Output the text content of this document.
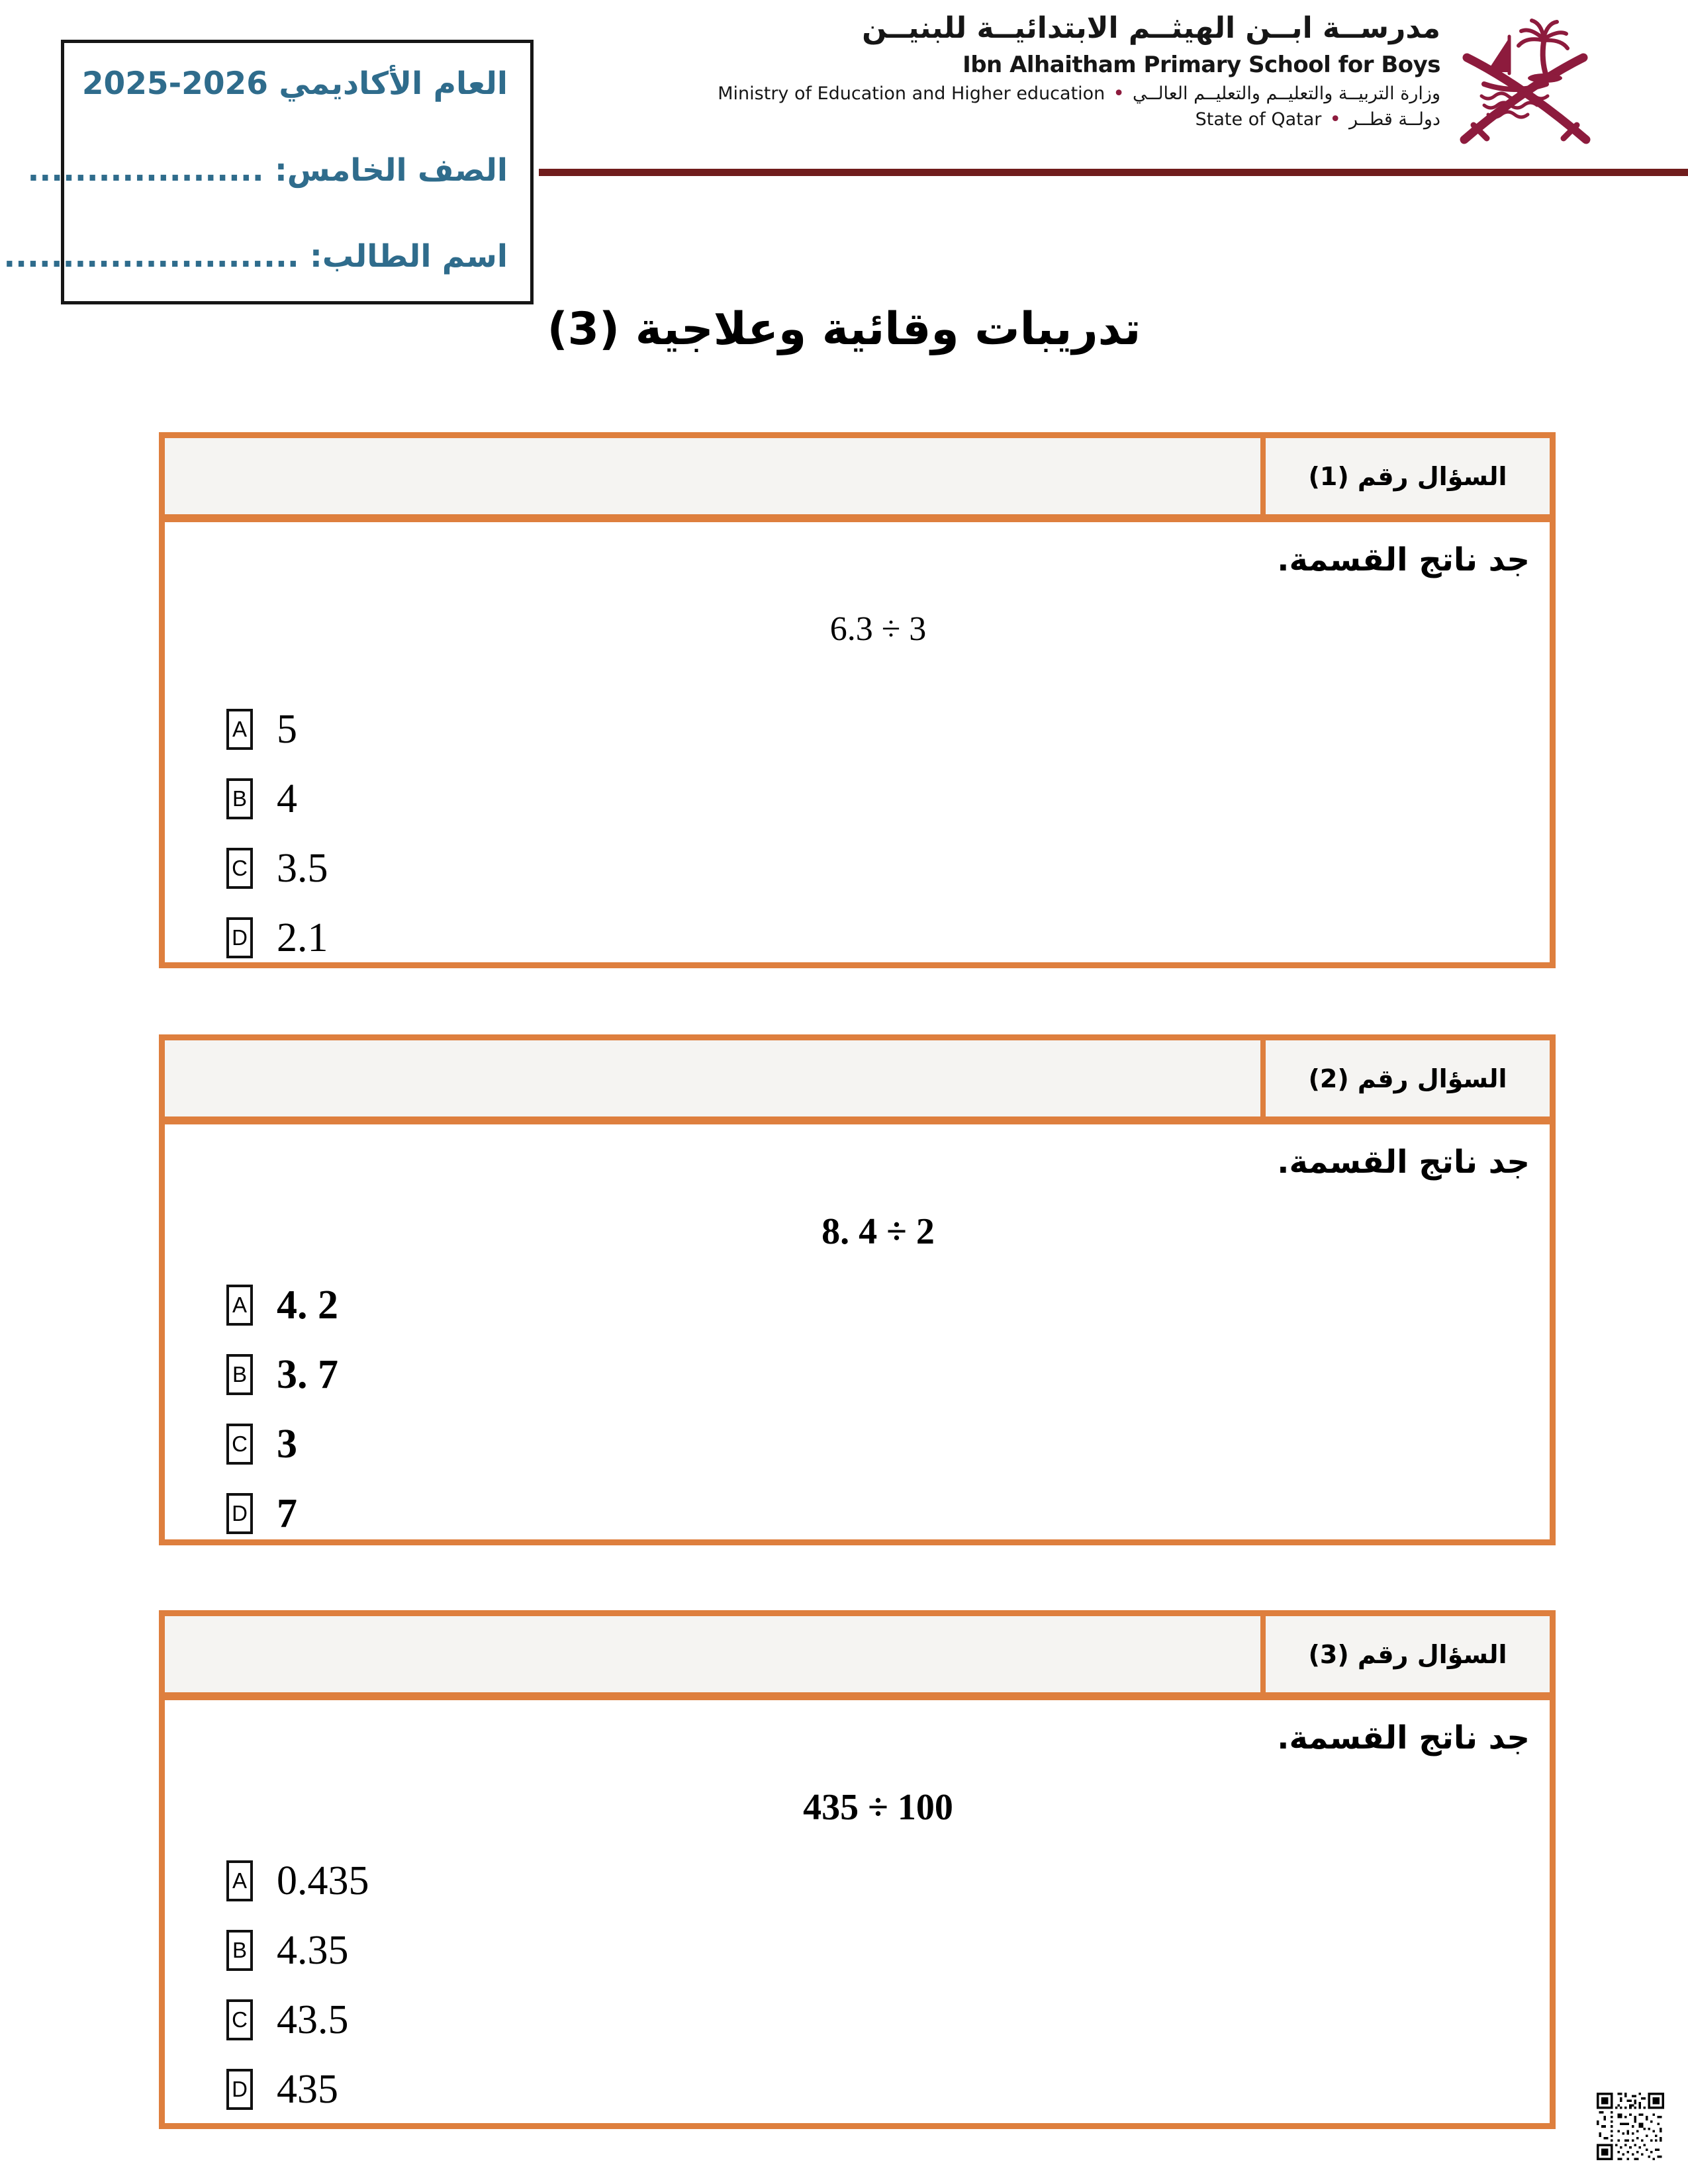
العام الأكاديمي 2026-2025
الصف الخامس: ....................
اسم الطالب: .........................
مدرســة ابــن الهيثــم الابتدائيــة للبنيــن
Ibn Alhaitham Primary School for Boys
Ministry of Education and Higher education • وزارة التربيــة والتعليــم والتعليــم العالــي
State of Qatar • دولــة قطــر
تدريبات وقائية وعلاجية (3)
السؤال رقم (1)
جد ناتج القسمة.
6.3 ÷ 3
A 5
B 4
C 3.5
D 2.1
السؤال رقم (2)
جد ناتج القسمة.
8. 4 ÷ 2
A 4. 2
B 3. 7
C 3
D 7
السؤال رقم (3)
جد ناتج القسمة.
435 ÷ 100
A 0.435
B 4.35
C 43.5
D 435
